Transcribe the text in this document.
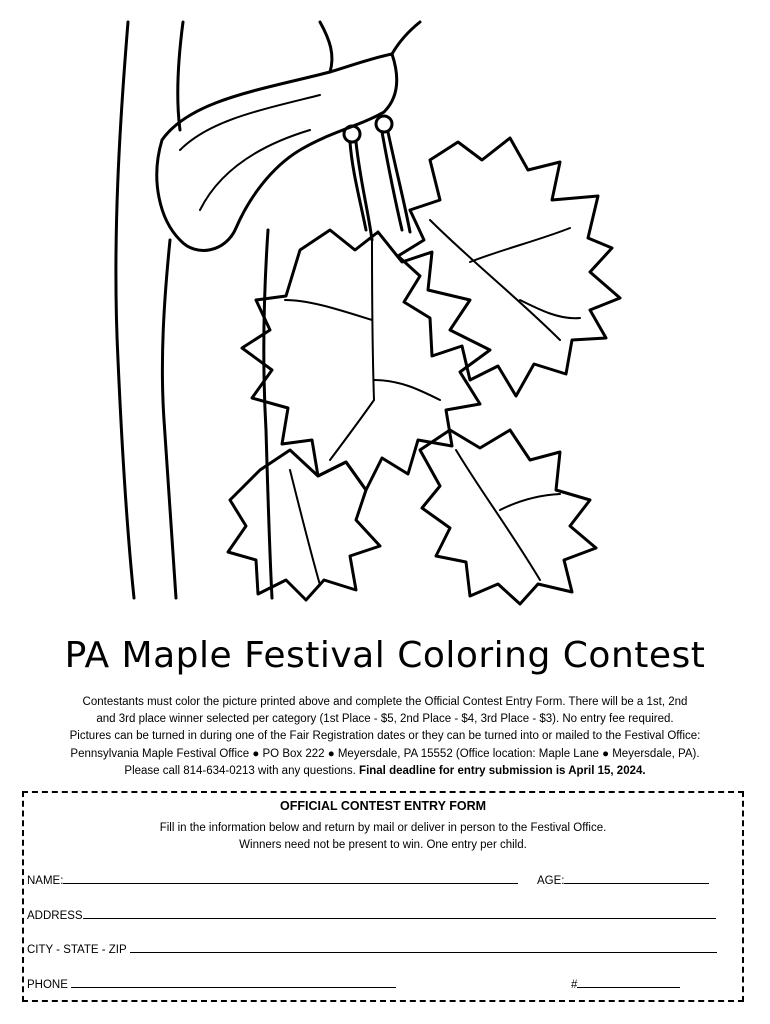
PA Maple Festival Coloring Contest
Contestants must color the picture printed above and complete the Official Contest Entry Form. There will be a 1st, 2nd
and 3rd place winner selected per category (1st Place - $5, 2nd Place - $4, 3rd Place - $3). No entry fee required.
Pictures can be turned in during one of the Fair Registration dates or they can be turned into or mailed to the Festival Office:
Pennsylvania Maple Festival Office ● PO Box 222 ● Meyersdale, PA 15552 (Office location: Maple Lane ● Meyersdale, PA).
Please call 814-634-0213 with any questions. Final deadline for entry submission is April 15, 2024.
OFFICIAL CONTEST ENTRY FORM
Fill in the information below and return by mail or deliver in person to the Festival Office.
Winners need not be present to win. One entry per child.
NAME:	AGE:
ADDRESS
CITY - STATE - ZIP
PHONE	#
